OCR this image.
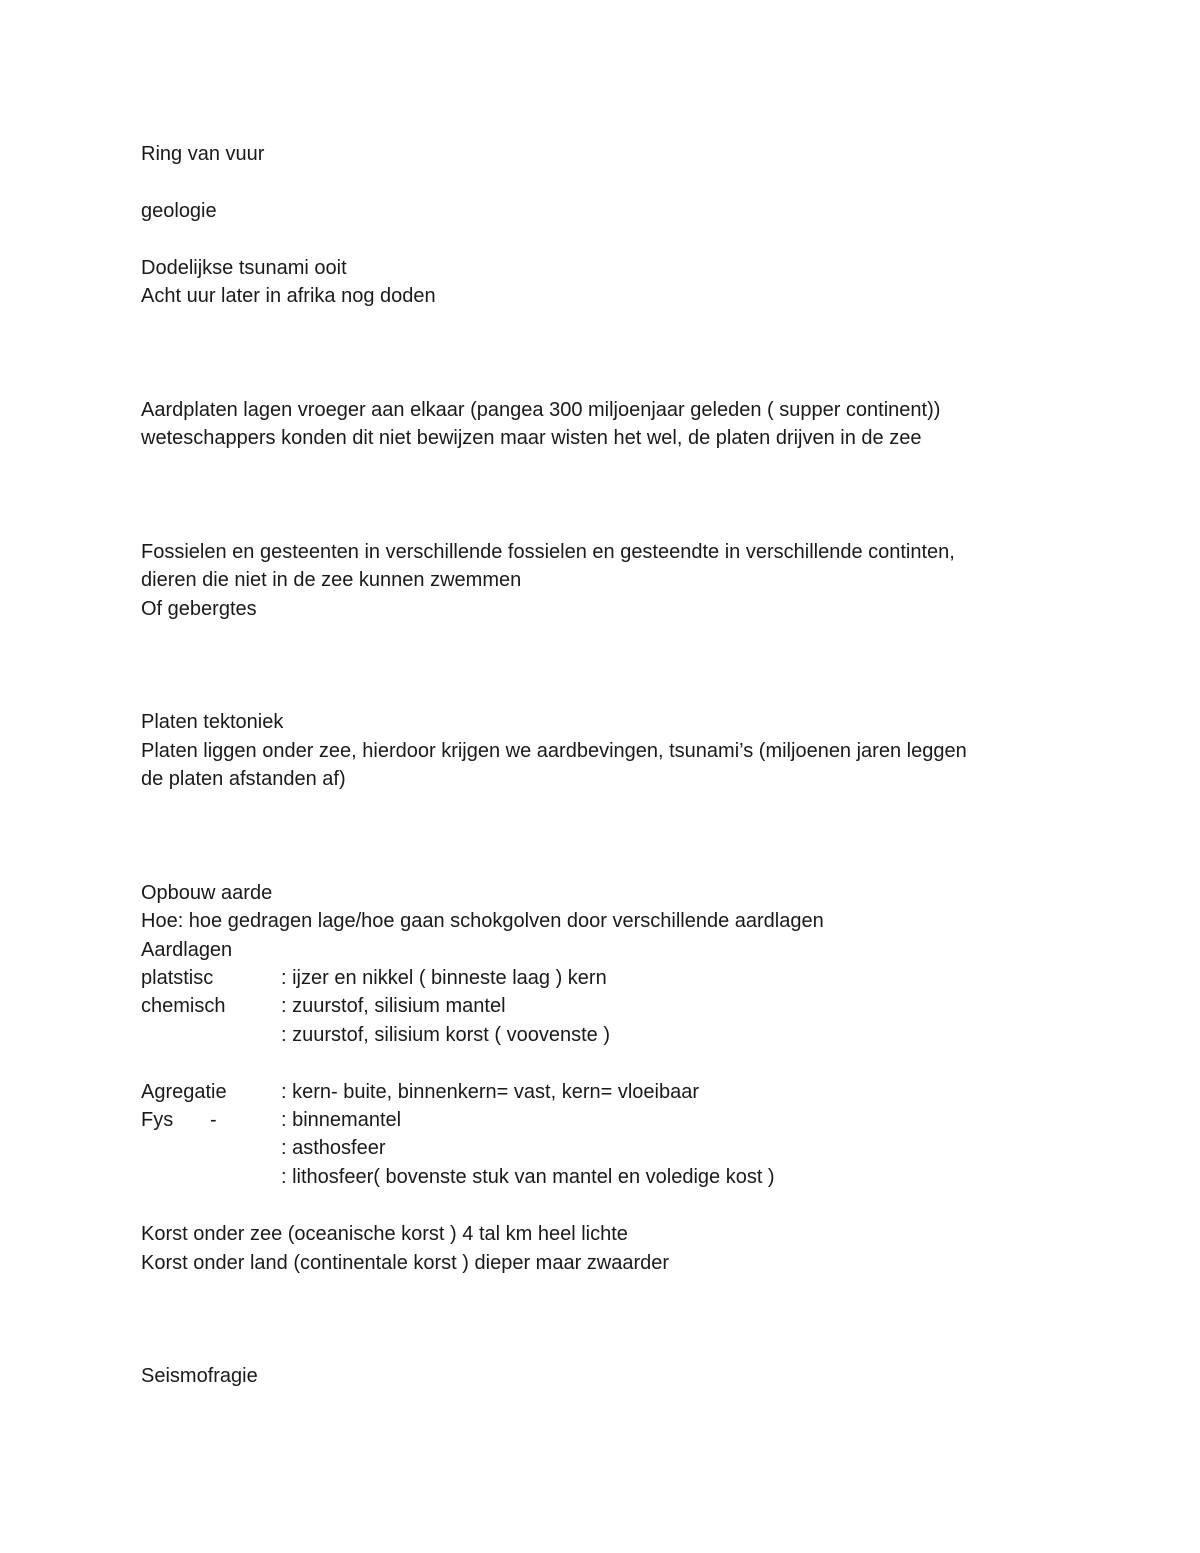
Ring van vuur
geologie
Dodelijkse tsunami ooit
Acht uur later in afrika nog doden
Aardplaten lagen vroeger aan elkaar (pangea 300 miljoenjaar geleden ( supper continent))
weteschappers konden dit niet bewijzen maar wisten het wel, de platen drijven in de zee
Fossielen en gesteenten in verschillende fossielen en gesteendte in verschillende continten,
dieren die niet in de zee kunnen zwemmen
Of gebergtes
Platen tektoniek
Platen liggen onder zee, hierdoor krijgen we aardbevingen, tsunami’s (miljoenen jaren leggen
de platen afstanden af)
Opbouw aarde
Hoe: hoe gedragen lage/hoe gaan schokgolven door verschillende aardlagen
Aardlagen
platstisc	: ijzer en nikkel ( binneste laag ) kern
chemisch	: zuurstof, silisium mantel
: zuurstof, silisium korst ( voovenste )
Agregatie	: kern- buite, binnenkern= vast, kern= vloeibaar
Fys -	: binnemantel
: asthosfeer
: lithosfeer( bovenste stuk van mantel en voledige kost )
Korst onder zee (oceanische korst ) 4 tal km heel lichte
Korst onder land (continentale korst ) dieper maar zwaarder
Seismofragie
